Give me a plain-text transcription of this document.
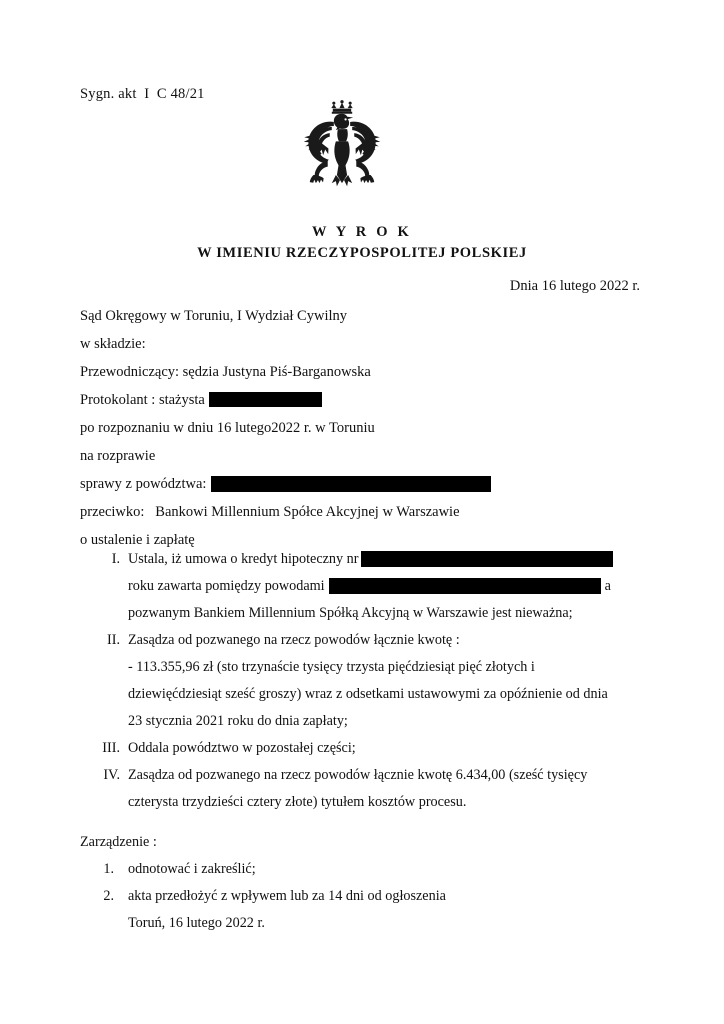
Sygn. akt  I  C 48/21
W Y R O K
W IMIENIU RZECZYPOSPOLITEJ POLSKIEJ
Dnia 16 lutego 2022 r.
Sąd Okręgowy w Toruniu, I Wydział Cywilny
w składzie:
Przewodniczący: sędzia Justyna Piś-Barganowska
Protokolant : stażysta
po rozpoznaniu w dniu 16 lutego2022 r. w Toruniu
na rozprawie
sprawy z powództwa:
przeciwko: Bankowi Millennium Spółce Akcyjnej w Warszawie
o ustalenie i zapłatę
I. Ustala, iż umowa o kredyt hipoteczny nr

roku zawarta pomiędzy powodami	a

pozwanym Bankiem Millennium Spółką Akcyjną w Warszawie jest nieważna;

II. Zasądza od pozwanego na rzecz powodów łącznie kwotę :

- 113.355,96 zł (sto trzynaście tysięcy trzysta pięćdziesiąt pięć złotych i

dziewięćdziesiąt sześć groszy) wraz z odsetkami ustawowymi za opóźnienie od dnia

23 stycznia 2021 roku do dnia zapłaty;

III. Oddala powództwo w pozostałej części;

IV. Zasądza od pozwanego na rzecz powodów łącznie kwotę 6.434,00 (sześć tysięcy

czterysta trzydzieści cztery złote) tytułem kosztów procesu.

Zarządzenie :
1. odnotować i zakreślić;
2. akta przedłożyć z wpływem lub za 14 dni od ogłoszenia
Toruń, 16 lutego 2022 r.
